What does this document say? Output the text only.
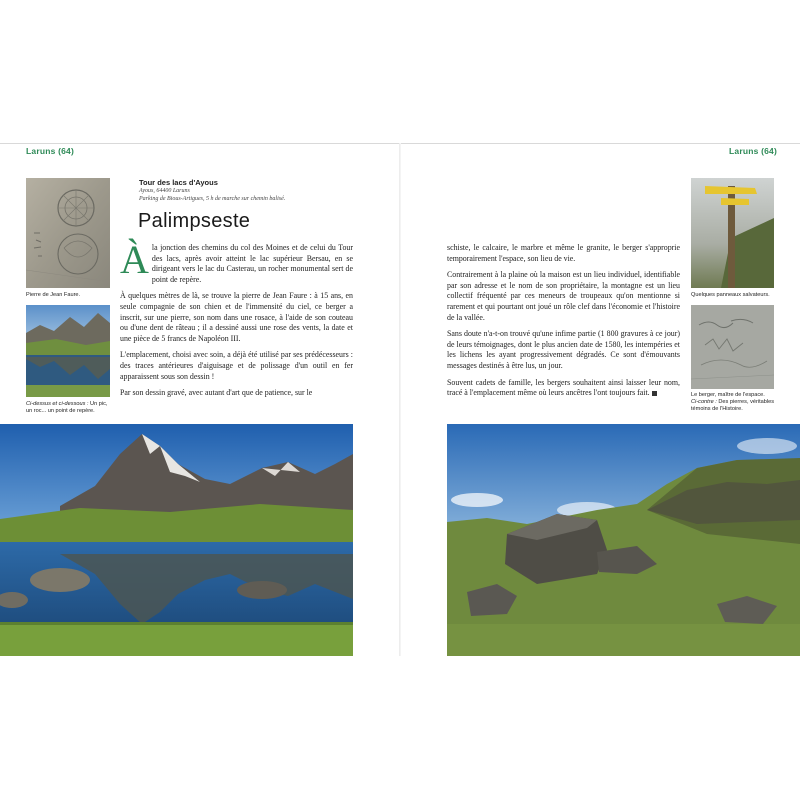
Laruns (64)	Laruns (64)
Pierre de Jean Faure.
Ci-dessus et ci-dessous : Un pic, un roc... un point de repère.
Tour des lacs d'Ayous
Ayous, 64400 Laruns
Parking de Bious-Artigues, 5 h de marche sur chemin balisé.
Palimpseste

Àla jonction des chemins du col des Moines et de celui du Tour des lacs, après avoir atteint le lac supérieur Bersau, en se dirigeant vers le lac du Casterau, un rocher monumental sert de point de repère.

À quelques mètres de là, se trouve la pierre de Jean Faure : à 15 ans, en seule compagnie de son chien et de l'immensité du ciel, ce berger a inscrit, sur une pierre, son nom dans une rosace, à l'aide de son couteau ou d'une dent de râteau ; il a dessiné aussi une rose des vents, la date et une pièce de 5 francs de Napoléon III.

L'emplacement, choisi avec soin, a déjà été utilisé par ses prédécesseurs : des traces antérieures d'aiguisage et de polissage d'un outil en fer apparaissent sous son dessin !

Par son dessin gravé, avec autant d'art que de patience, sur le

schiste, le calcaire, le marbre et même le granite, le berger s'approprie temporairement l'espace, son lieu de vie.

Contrairement à la plaine où la maison est un lieu individuel, identifiable par son adresse et le nom de son propriétaire, la montagne est un lieu collectif fréquenté par ces meneurs de troupeaux qu'on mentionne si rarement et qui pourtant ont joué un rôle clef dans l'économie et l'histoire de la vallée.

Sans doute n'a-t-on trouvé qu'une infime partie (1 800 gravures à ce jour) de leurs témoignages, dont le plus ancien date de 1580, les intempéries et les lichens les ayant progressivement dégradés. Ce sont d'émouvants messages destinés à être lus, un jour.

Souvent cadets de famille, les bergers souhaitent ainsi laisser leur nom, tracé à l'emplacement même où leurs ancêtres l'ont toujours fait.

Quelques panneaux salvateurs.
Le berger, maître de l'espace.
Ci-contre : Des pierres, véritables témoins de l'Histoire.
